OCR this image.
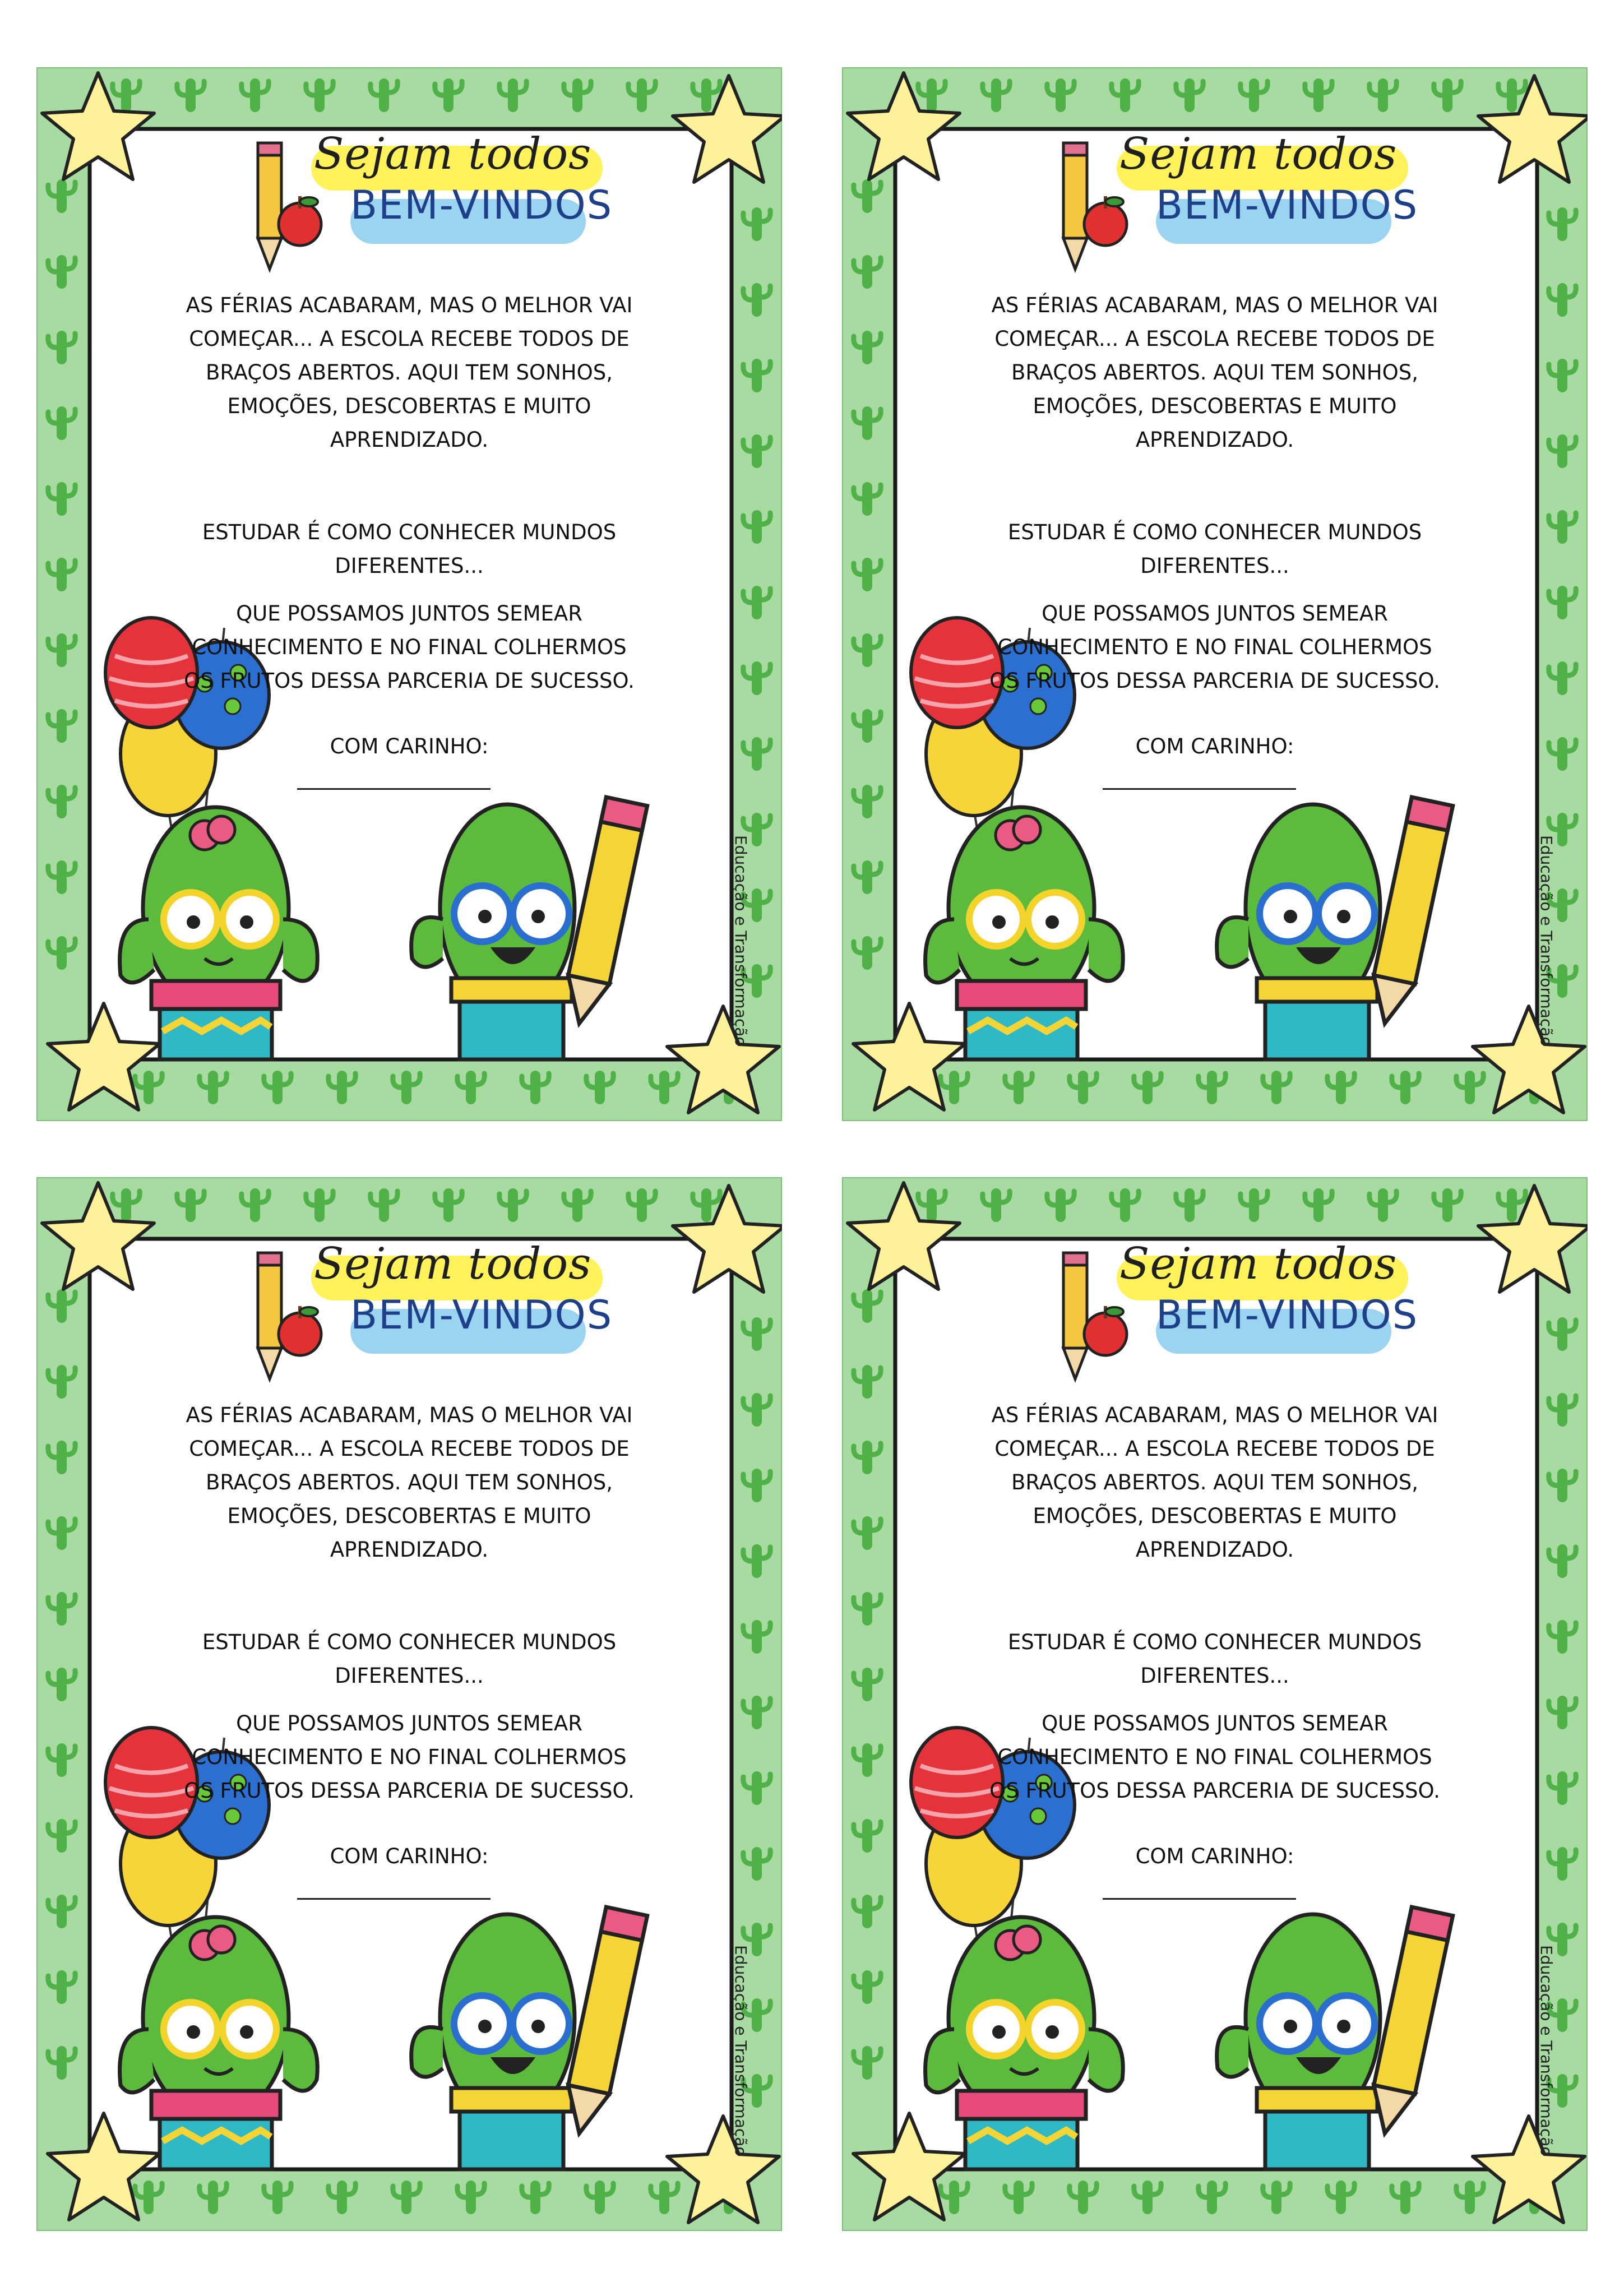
Sejam todos
BEM-VINDOS
AS FÉRIAS ACABARAM, MAS O MELHOR VAI COMEÇAR... A ESCOLA RECEBE TODOS DE BRAÇOS ABERTOS. AQUI TEM SONHOS, EMOÇÕES, DESCOBERTAS E MUITO APRENDIZADO.
ESTUDAR É COMO CONHECER MUNDOS DIFERENTES...
QUE POSSAMOS JUNTOS SEMEAR CONHECIMENTO E NO FINAL COLHERMOS OS FRUTOS DESSA PARCERIA DE SUCESSO.
COM CARINHO:
Educação e Transformação
Sejam todos
BEM-VINDOS
AS FÉRIAS ACABARAM, MAS O MELHOR VAI COMEÇAR... A ESCOLA RECEBE TODOS DE BRAÇOS ABERTOS. AQUI TEM SONHOS, EMOÇÕES, DESCOBERTAS E MUITO APRENDIZADO.
ESTUDAR É COMO CONHECER MUNDOS DIFERENTES...
QUE POSSAMOS JUNTOS SEMEAR CONHECIMENTO E NO FINAL COLHERMOS OS FRUTOS DESSA PARCERIA DE SUCESSO.
COM CARINHO:
Educação e Transformação
Sejam todos
BEM-VINDOS
AS FÉRIAS ACABARAM, MAS O MELHOR VAI COMEÇAR... A ESCOLA RECEBE TODOS DE BRAÇOS ABERTOS. AQUI TEM SONHOS, EMOÇÕES, DESCOBERTAS E MUITO APRENDIZADO.
ESTUDAR É COMO CONHECER MUNDOS DIFERENTES...
QUE POSSAMOS JUNTOS SEMEAR CONHECIMENTO E NO FINAL COLHERMOS OS FRUTOS DESSA PARCERIA DE SUCESSO.
COM CARINHO:
Educação e Transformação
Sejam todos
BEM-VINDOS
AS FÉRIAS ACABARAM, MAS O MELHOR VAI COMEÇAR... A ESCOLA RECEBE TODOS DE BRAÇOS ABERTOS. AQUI TEM SONHOS, EMOÇÕES, DESCOBERTAS E MUITO APRENDIZADO.
ESTUDAR É COMO CONHECER MUNDOS DIFERENTES...
QUE POSSAMOS JUNTOS SEMEAR CONHECIMENTO E NO FINAL COLHERMOS OS FRUTOS DESSA PARCERIA DE SUCESSO.
COM CARINHO:
Educação e Transformação
